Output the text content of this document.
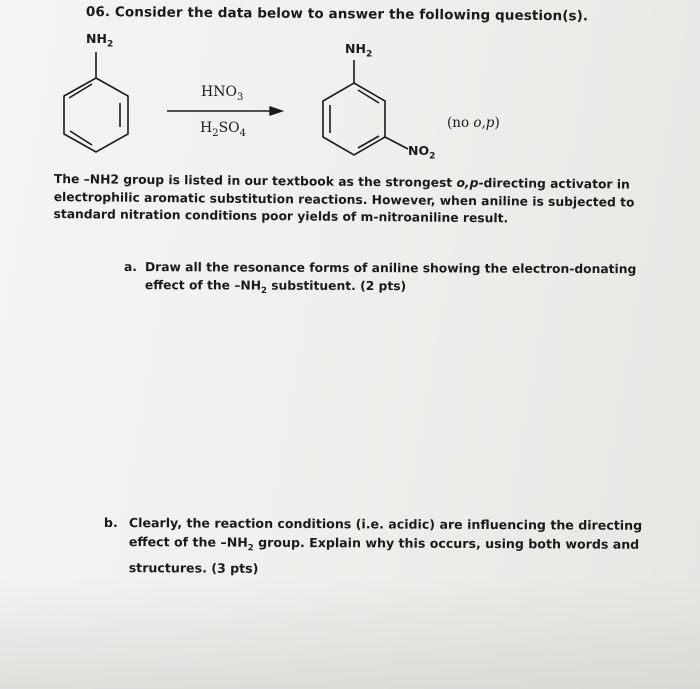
06. Consider the data below to answer the following question(s).
$NH_2$	$NH_2$
$NO_2$
$HNO_3$
$H_2SO_4$
(no o,p)
The –NH2 group is listed in our textbook as the strongest o,p-directing activator in electrophilic aromatic substitution reactions. However, when aniline is subjected to standard nitration conditions poor yields of m-nitroaniline result.
a. Draw all the resonance forms of aniline showing the electron-donating effect of the $-NH_2$ substituent. (2 pts)
b. Clearly, the reaction conditions (i.e. acidic) are influencing the directing effect of the $-NH_2$ group. Explain why this occurs, using both words and structures. (3 pts)
